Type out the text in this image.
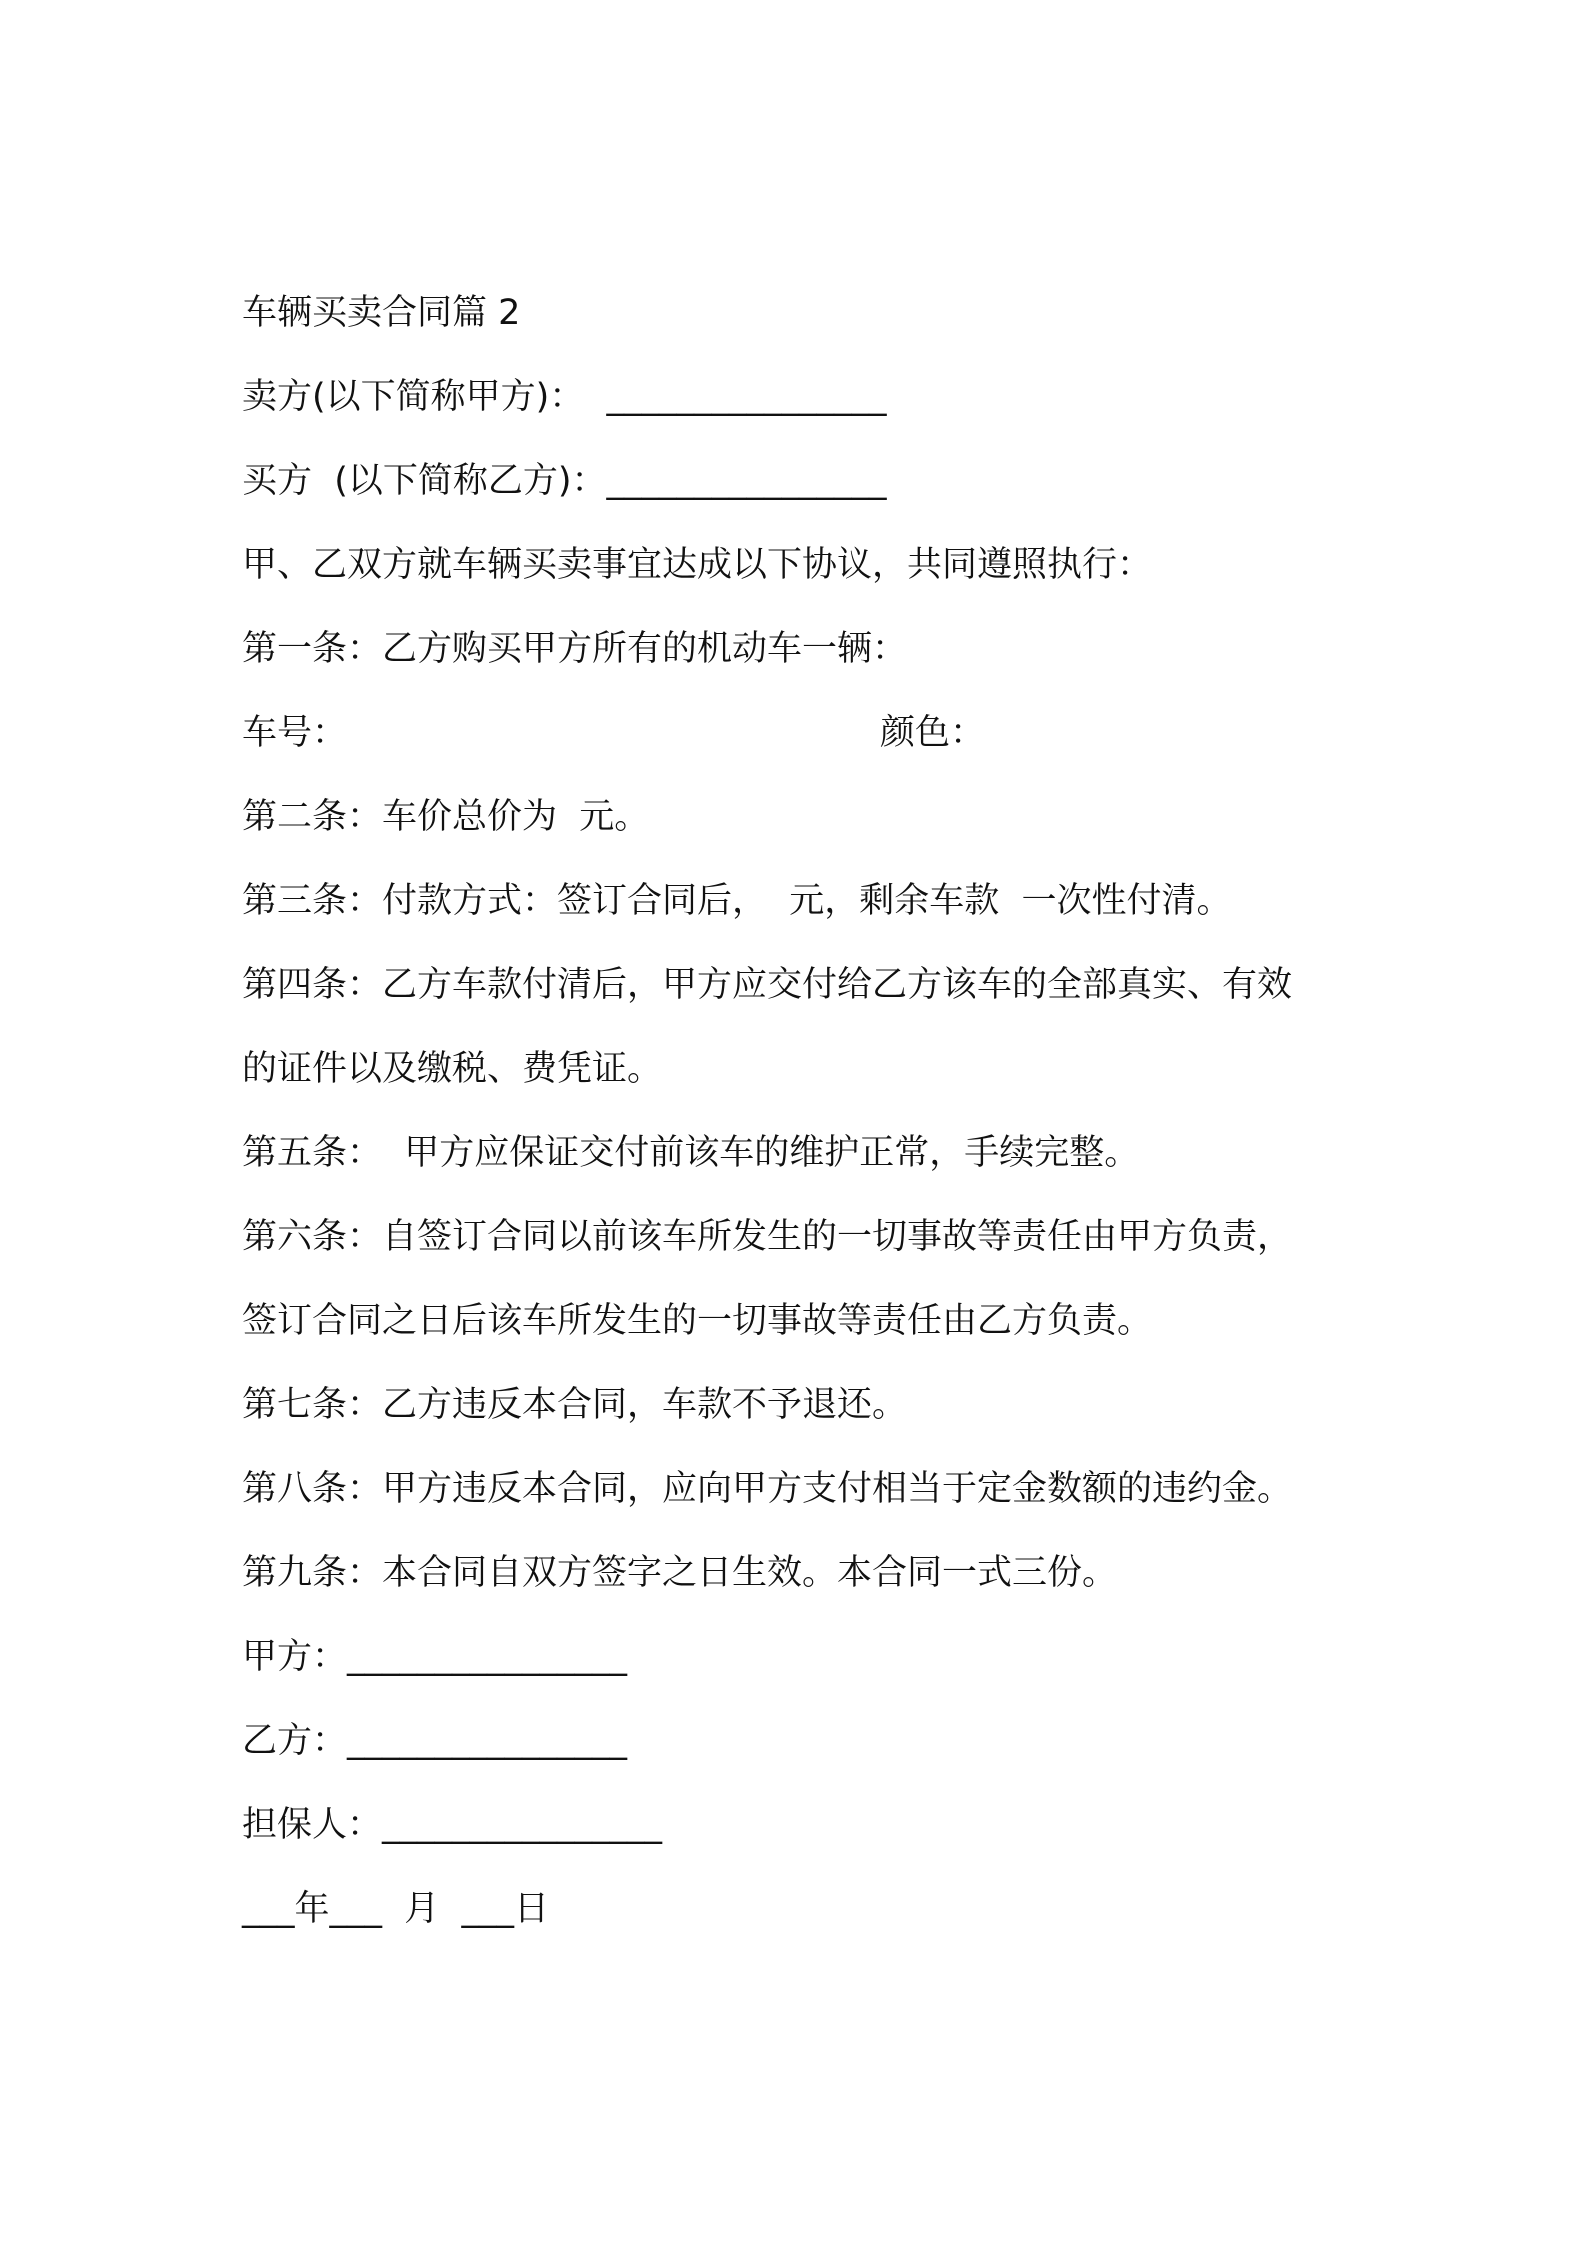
车辆买卖合同篇 2
卖方(以下简称甲方)：  ________________
买方  (以下简称乙方)：________________
甲、乙双方就车辆买卖事宜达成以下协议，共同遵照执行：
第一条：乙方购买甲方所有的机动车一辆：
车号：	颜色：
第二条：车价总价为  元。
第三条：付款方式：签订合同后，  元，剩余车款  一次性付清。
第四条：乙方车款付清后，甲方应交付给乙方该车的全部真实、有效
的证件以及缴税、费凭证。
第五条：  甲方应保证交付前该车的维护正常，手续完整。
第六条：自签订合同以前该车所发生的一切事故等责任由甲方负责，
签订合同之日后该车所发生的一切事故等责任由乙方负责。
第七条：乙方违反本合同，车款不予退还。
第八条：甲方违反本合同，应向甲方支付相当于定金数额的违约金。
第九条：本合同自双方签字之日生效。本合同一式三份。
甲方：________________
乙方：________________
担保人：________________
___年___  月  ___日
